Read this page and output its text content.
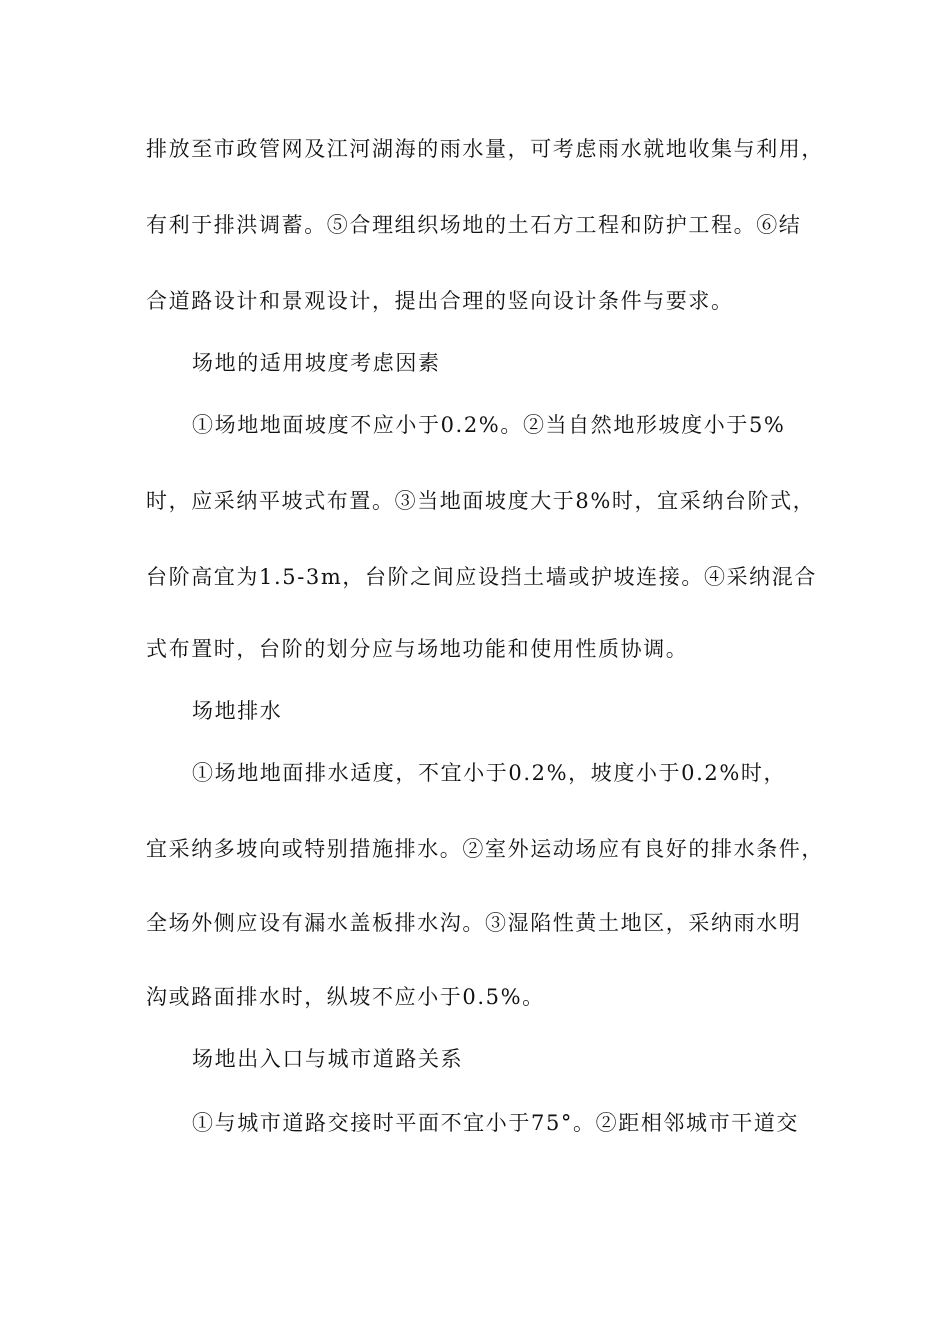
排放至市政管网及江河湖海的雨水量，可考虑雨水就地收集与利用，
有利于排洪调蓄。⑤合理组织场地的土石方工程和防护工程。⑥结
合道路设计和景观设计，提出合理的竖向设计条件与要求。
场地的适用坡度考虑因素
①场地地面坡度不应小于0.2%。②当自然地形坡度小于5%
时，应采纳平坡式布置。③当地面坡度大于8%时，宜采纳台阶式，
台阶高宜为1.5-3m，台阶之间应设挡土墙或护坡连接。④采纳混合
式布置时，台阶的划分应与场地功能和使用性质协调。
场地排水
①场地地面排水适度，不宜小于0.2%，坡度小于0.2%时，
宜采纳多坡向或特别措施排水。②室外运动场应有良好的排水条件，
全场外侧应设有漏水盖板排水沟。③湿陷性黄土地区，采纳雨水明
沟或路面排水时，纵坡不应小于0.5%。
场地出入口与城市道路关系
①与城市道路交接时平面不宜小于75°。②距相邻城市干道交
